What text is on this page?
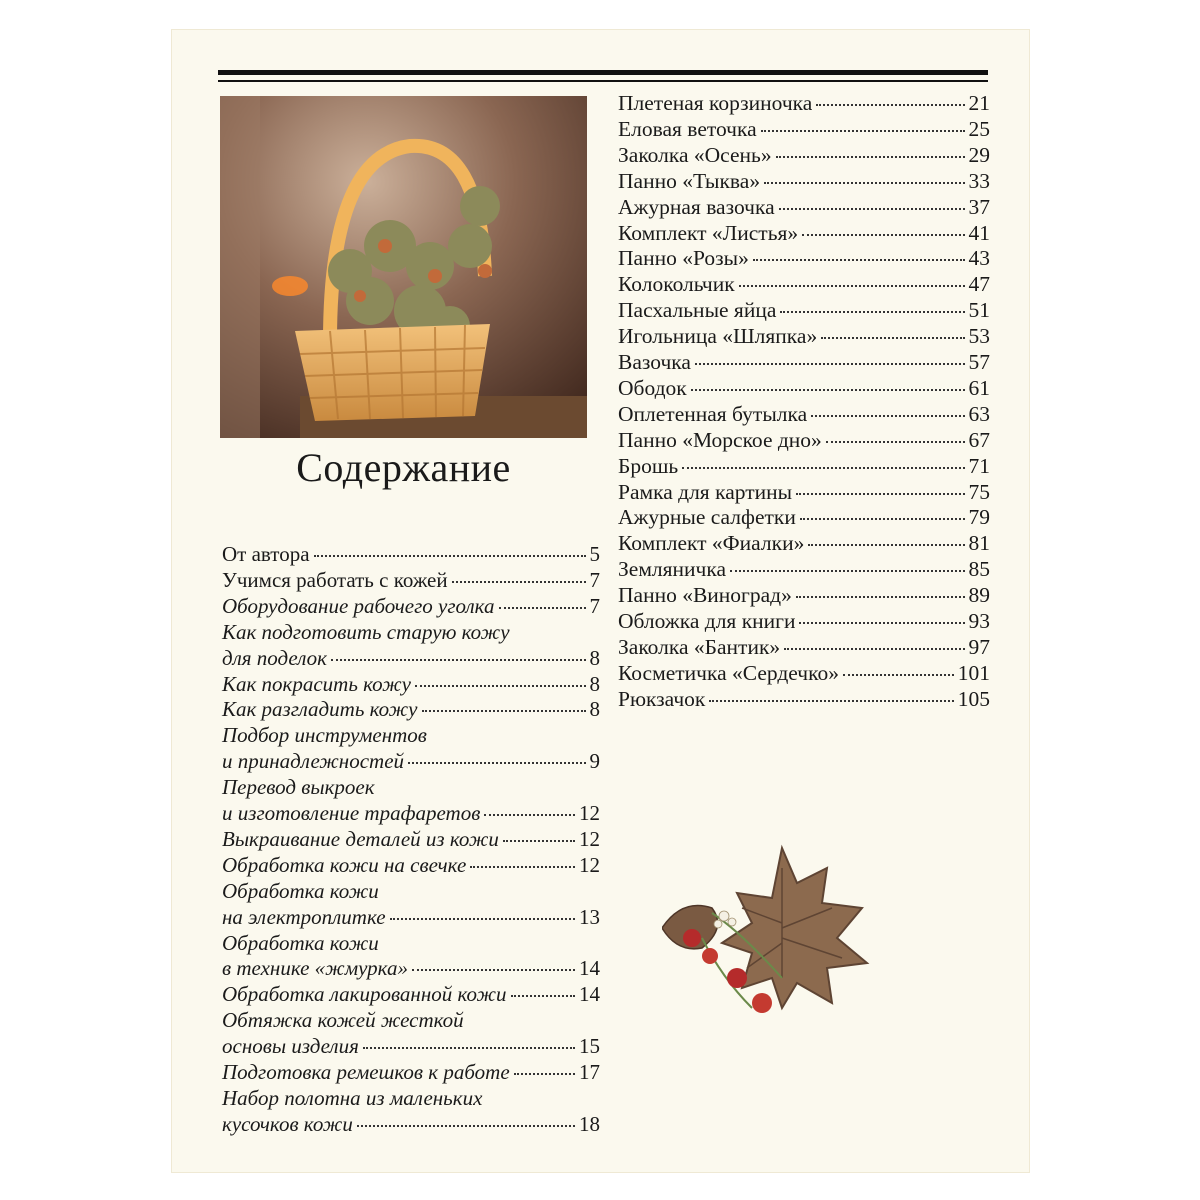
Содержание
От автора	5
Учимся работать с кожей	7
Оборудование рабочего уголка	7
Как подготовить старую кожу
для поделок	8
Как покрасить кожу	8
Как разгладить кожу	8
Подбор инструментов
и принадлежностей	9
Перевод выкроек
и изготовление трафаретов	12
Выкраивание деталей из кожи	12
Обработка кожи на свечке	12
Обработка кожи
на электроплитке	13
Обработка кожи
в технике «жмурка»	14
Обработка лакированной кожи	14
Обтяжка кожей жесткой
основы изделия	15
Подготовка ремешков к работе	17
Набор полотна из маленьких
кусочков кожи	18
Плетеная корзиночка	21
Еловая веточка	25
Заколка «Осень»	29
Панно «Тыква»	33
Ажурная вазочка	37
Комплект «Листья»	41
Панно «Розы»	43
Колокольчик	47
Пасхальные яйца	51
Игольница «Шляпка»	53
Вазочка	57
Ободок	61
Оплетенная бутылка	63
Панно «Морское дно»	67
Брошь	71
Рамка для картины	75
Ажурные салфетки	79
Комплект «Фиалки»	81
Земляничка	85
Панно «Виноград»	89
Обложка для книги	93
Заколка «Бантик»	97
Косметичка «Сердечко»	101
Рюкзачок	105
